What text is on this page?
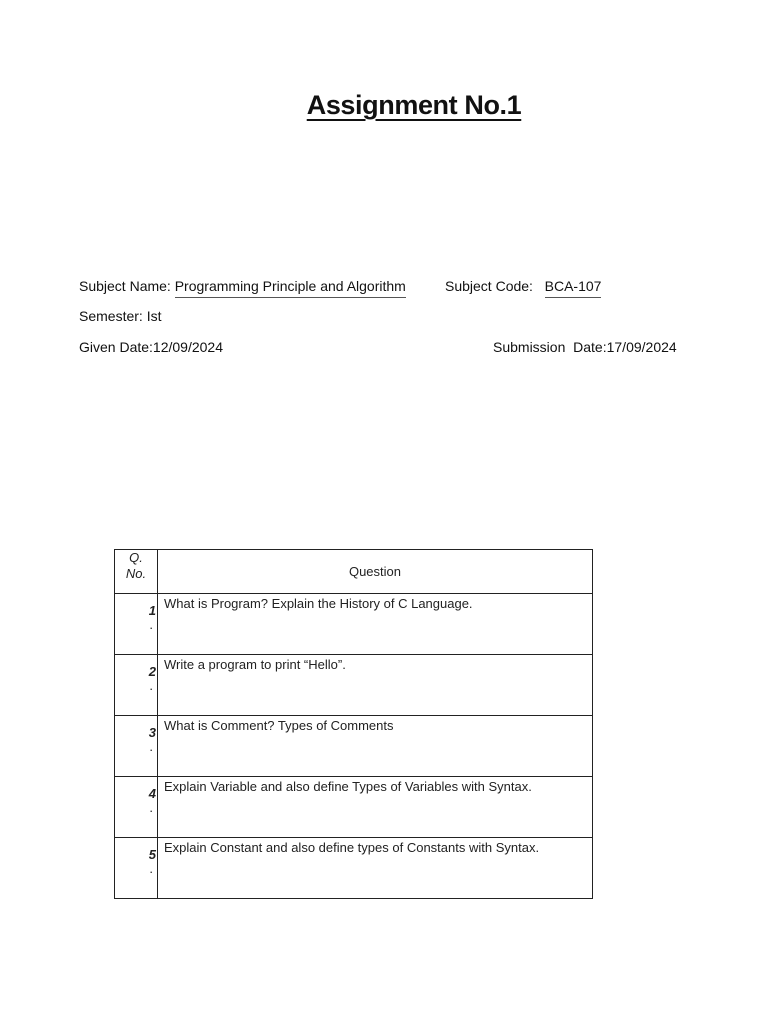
Assignment No.1
Subject Name: Programming Principle and Algorithm	Subject Code: BCA-107
Semester: Ist
Given Date:12/09/2024	Submission  Date:17/09/2024
Q.
No.	Question

1
.	What is Program? Explain the History of C Language.

2
.	Write a program to print “Hello”.

3
.	What is Comment? Types of Comments

4
.	Explain Variable and also define Types of Variables with Syntax.

5
.	Explain Constant and also define types of Constants with Syntax.
